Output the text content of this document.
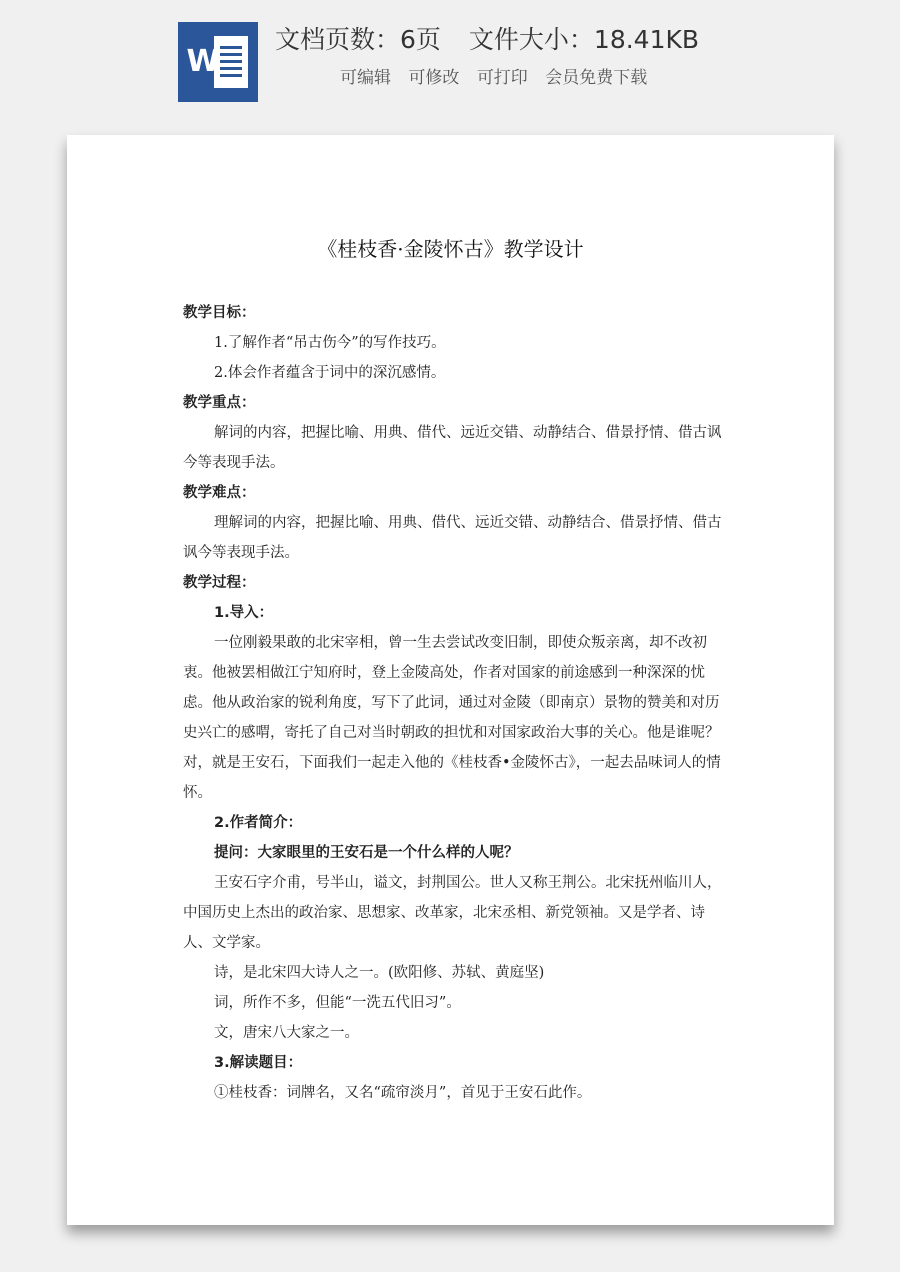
W
文档页数：6页 文件大小：18.41KB
可编辑 可修改 可打印 会员免费下载
《桂枝香·金陵怀古》教学设计

教学目标：

1.了解作者“吊古伤今”的写作技巧。

2.体会作者蕴含于词中的深沉感情。

教学重点：

解词的内容，把握比喻、用典、借代、远近交错、动静结合、借景抒情、借古讽今等表现手法。

教学难点：

理解词的内容，把握比喻、用典、借代、远近交错、动静结合、借景抒情、借古讽今等表现手法。

教学过程：

1.导入：

一位刚毅果敢的北宋宰相，曾一生去尝试改变旧制，即使众叛亲离，却不改初衷。他被罢相做江宁知府时，登上金陵高处，作者对国家的前途感到一种深深的忧虑。他从政治家的锐利角度，写下了此词，通过对金陵（即南京）景物的赞美和对历史兴亡的感喟，寄托了自己对当时朝政的担忧和对国家政治大事的关心。他是谁呢？对，就是王安石，下面我们一起走入他的《桂枝香•金陵怀古》，一起去品味词人的情怀。

2.作者简介：

提问：大家眼里的王安石是一个什么样的人呢？

王安石字介甫，号半山，谥文，封荆国公。世人又称王荆公。北宋抚州临川人，中国历史上杰出的政治家、思想家、改革家，北宋丞相、新党领袖。又是学者、诗人、文学家。

诗，是北宋四大诗人之一。(欧阳修、苏轼、黄庭坚)

词，所作不多，但能“一洗五代旧习”。

文，唐宋八大家之一。

3.解读题目：

①桂枝香：词牌名，又名“疏帘淡月”，首见于王安石此作。
